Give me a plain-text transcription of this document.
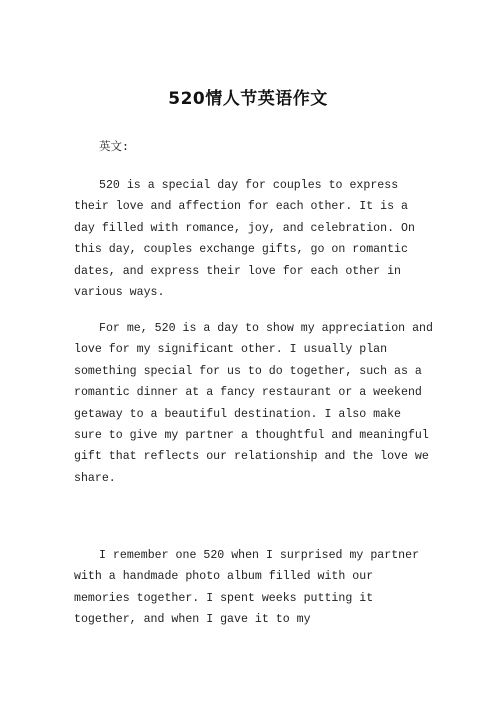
520情人节英语作文
英文:

520 is a special day for couples to express their love and affection for each other. It is a day filled with romance, joy, and celebration. On this day, couples exchange gifts, go on romantic dates, and express their love for each other in various ways.

For me, 520 is a day to show my appreciation and love for my significant other. I usually plan something special for us to do together, such as a romantic dinner at a fancy restaurant or a weekend getaway to a beautiful destination. I also make sure to give my partner a thoughtful and meaningful gift that reflects our relationship and the love we share.

I remember one 520 when I surprised my partner with a handmade photo album filled with our memories together. I spent weeks putting it together, and when I gave it to my
